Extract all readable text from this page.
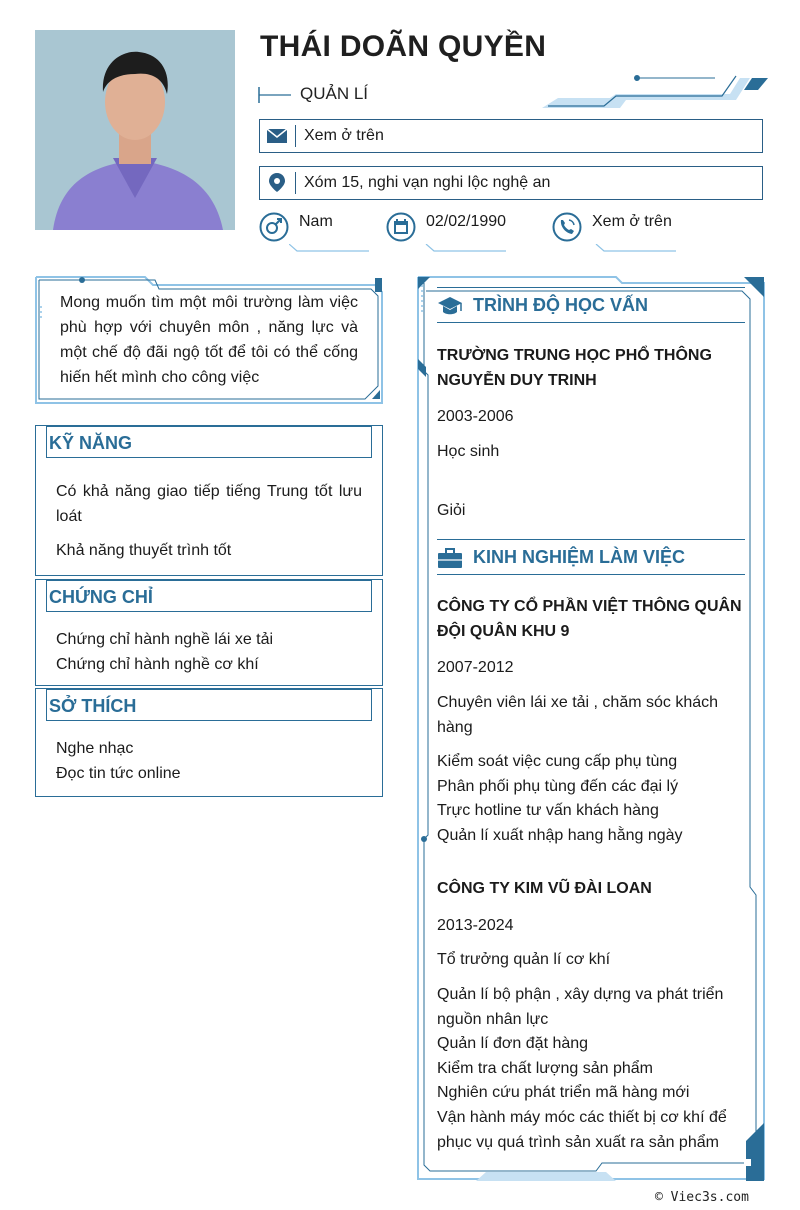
THÁI DOÃN QUYỀN
QUẢN LÍ
Xem ở trên
Xóm 15, nghi vạn nghi lộc nghệ an
Nam	02/02/1990	Xem ở trên
Mong muốn tìm một môi trường làm việc phù hợp với chuyên môn , năng lực và một chế độ đãi ngộ tốt để tôi có thể cống hiến hết mình cho công việc
KỸ NĂNG
Có khả năng giao tiếp tiếng Trung tốt lưu loát
Khả năng thuyết trình tốt
CHỨNG CHỈ
Chứng chỉ hành nghề lái xe tải
Chứng chỉ hành nghề cơ khí
SỞ THÍCH
Nghe nhạc
Đọc tin tức online
TRÌNH ĐỘ HỌC VẤN
TRƯỜNG TRUNG HỌC PHỔ THÔNG NGUYỄN DUY TRINH
2003-2006
Học sinh
Giỏi
KINH NGHIỆM LÀM VIỆC
CÔNG TY CỔ PHẦN VIỆT THÔNG QUÂN ĐỘI QUÂN KHU 9
2007-2012
Chuyên viên lái xe tải , chăm sóc khách hàng
Kiểm soát việc cung cấp phụ tùng
Phân phối phụ tùng đến các đại lý
Trực hotline tư vấn khách hàng
Quản lí xuất nhập hang hằng ngày
CÔNG TY KIM VŨ ĐÀI LOAN
2013-2024
Tổ trưởng quản lí cơ khí
Quản lí bộ phận , xây dựng va phát triển nguồn nhân lực
Quản lí đơn đặt hàng
Kiểm tra chất lượng sản phẩm
Nghiên cứu phát triển mã hàng mới
Vận hành máy móc các thiết bị cơ khí để phục vụ quá trình sản xuất ra sản phẩm
© Viec3s.com
